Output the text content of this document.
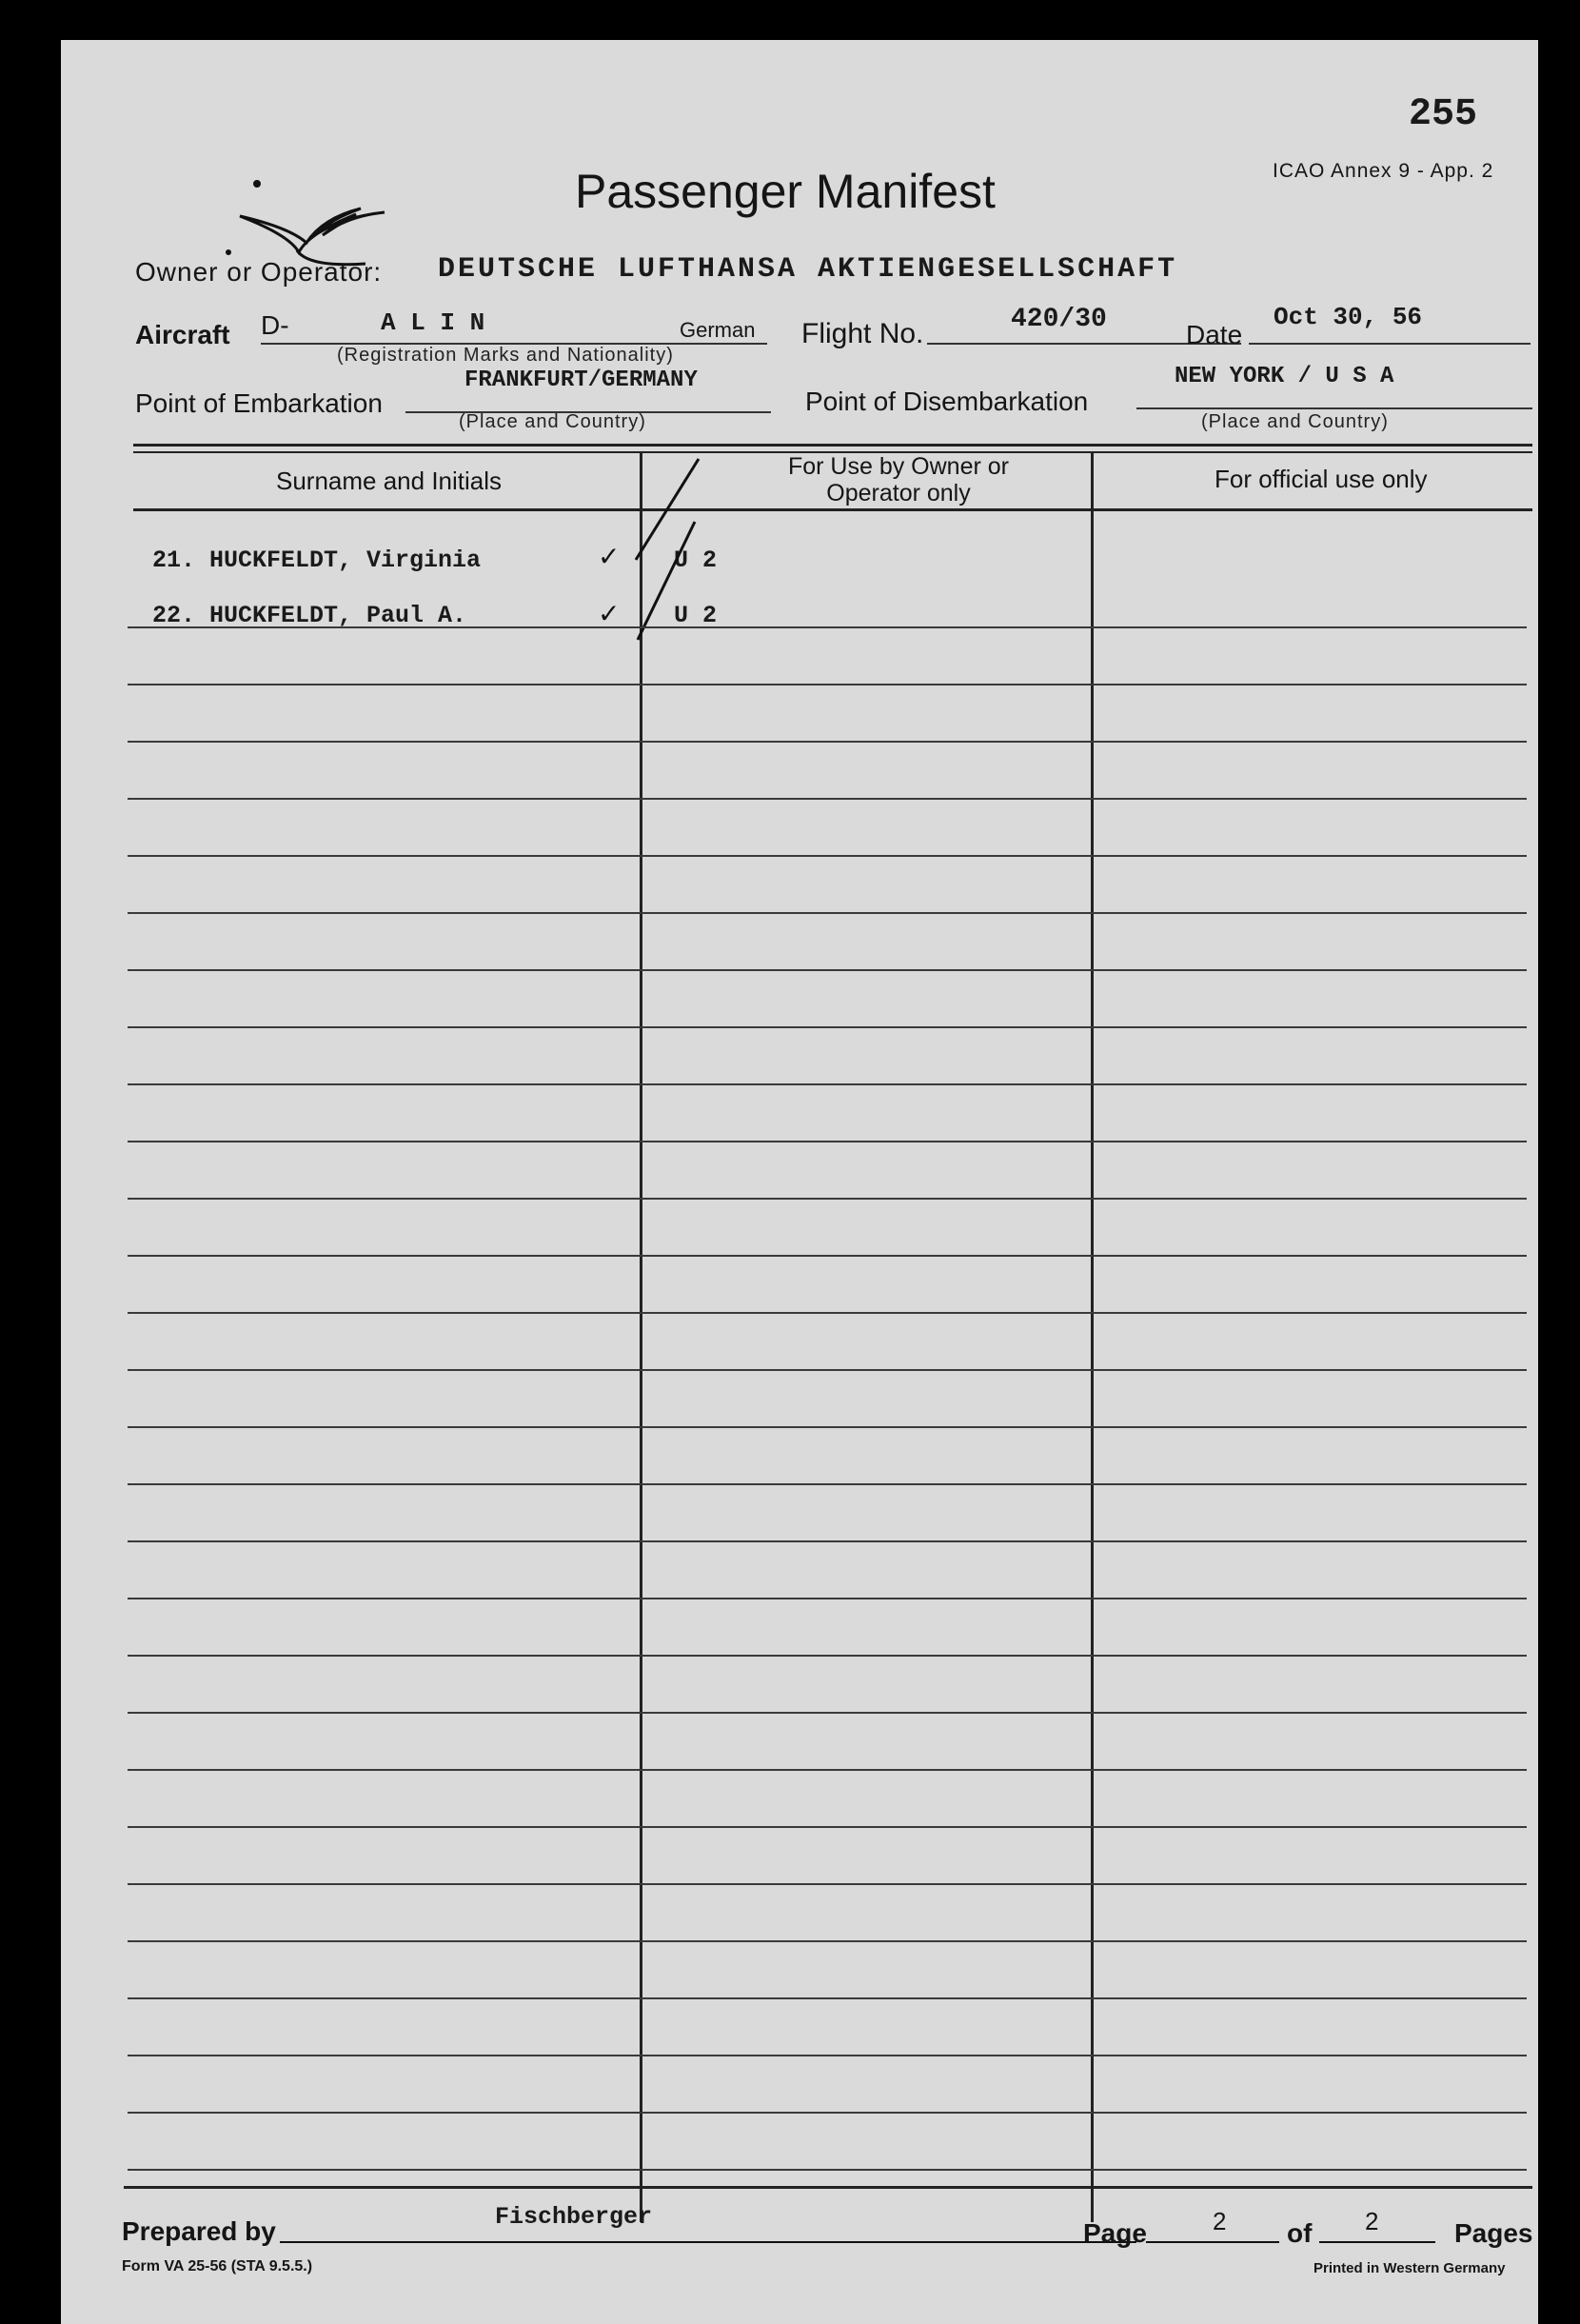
255
ICAO Annex 9 - App. 2
Passenger Manifest
Owner or Operator: DEUTSCHE LUFTHANSA AKTIENGESELLSCHAFT
Aircraft D-	A L I N	German
(Registration Marks and Nationality)
Flight No.	420/30
Date
Oct 30, 56
Point of Embarkation
FRANKFURT/GERMANY
(Place and Country)
Point of Disembarkation
NEW YORK / U S A
(Place and Country)
Surname and Initials	For Use by Owner or Operator only	For official use only
21. HUCKFELDT, Virginia	✓ U 2
22. HUCKFELDT, Paul A.	✓ U 2
Prepared by	Fischberger
Page	2 of 2	Pages
Form VA 25-56 (STA 9.5.5.)	Printed in Western Germany
